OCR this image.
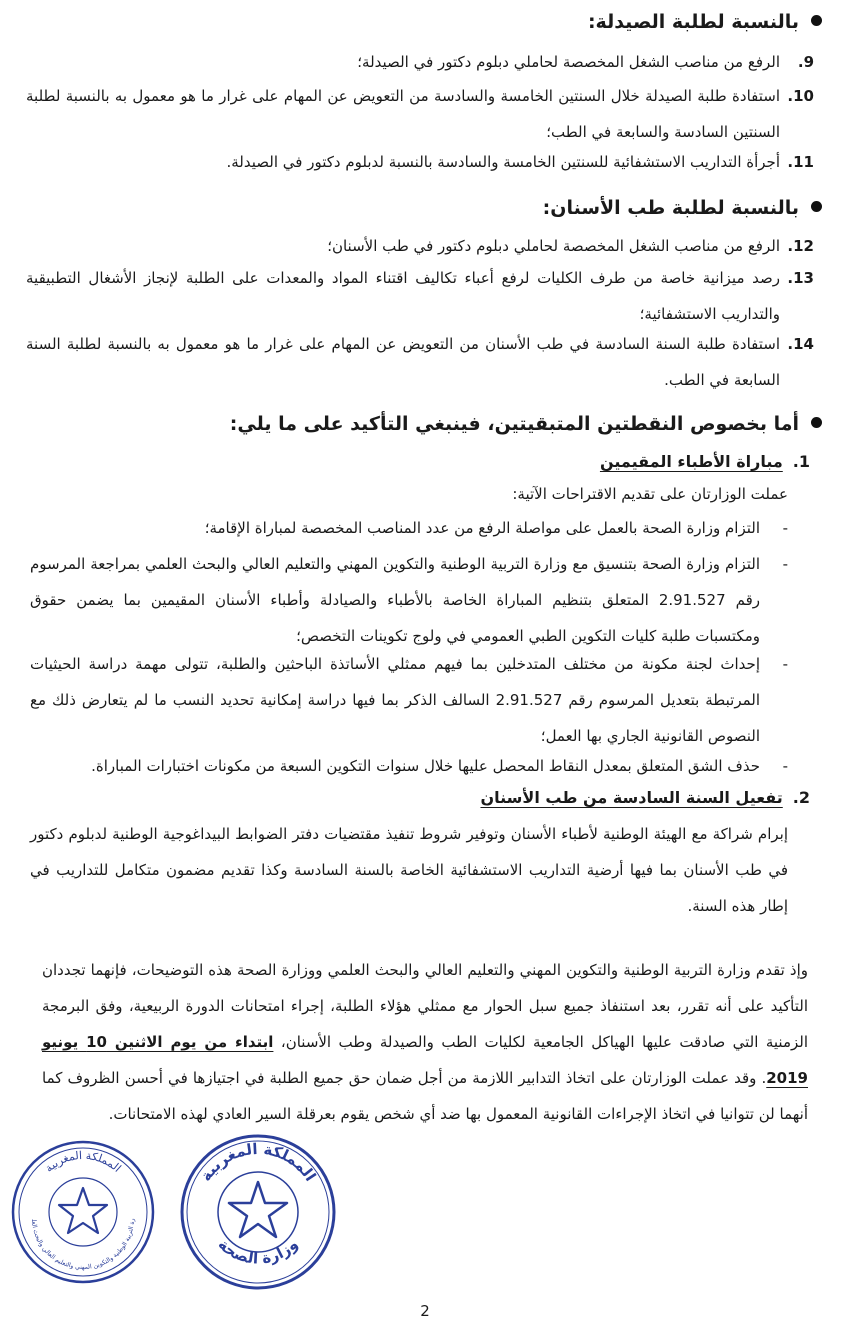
بالنسبة لطلبة الصيدلة:
9.
الرفع من مناصب الشغل المخصصة لحاملي دبلوم دكتور في الصيدلة؛
10.
استفادة طلبة الصيدلة خلال السنتين الخامسة والسادسة من التعويض عن المهام على غرار ما هو معمول به بالنسبة لطلبة السنتين السادسة والسابعة في الطب؛
11.
أجرأة التداريب الاستشفائية للسنتين الخامسة والسادسة بالنسبة لدبلوم دكتور في الصيدلة.
بالنسبة لطلبة طب الأسنان:
12.
الرفع من مناصب الشغل المخصصة لحاملي دبلوم دكتور في طب الأسنان؛
13.
رصد ميزانية خاصة من طرف الكليات لرفع أعباء تكاليف اقتناء المواد والمعدات على الطلبة لإنجاز الأشغال التطبيقية والتداريب الاستشفائية؛
14.
استفادة طلبة السنة السادسة في طب الأسنان من التعويض عن المهام على غرار ما هو معمول به بالنسبة لطلبة السنة السابعة في الطب.
أما بخصوص النقطتين المتبقيتين، فينبغي التأكيد على ما يلي:
1.مباراة الأطباء المقيمين
عملت الوزارتان على تقديم الاقتراحات الآتية:
-
التزام وزارة الصحة بالعمل على مواصلة الرفع من عدد المناصب المخصصة لمباراة الإقامة؛
-
التزام وزارة الصحة بتنسيق مع وزارة التربية الوطنية والتكوين المهني والتعليم العالي والبحث العلمي بمراجعة المرسوم رقم 2.91.527 المتعلق بتنظيم المباراة الخاصة بالأطباء والصيادلة وأطباء الأسنان المقيمين بما يضمن حقوق ومكتسبات طلبة كليات التكوين الطبي العمومي في ولوج تكوينات التخصص؛
-
إحداث لجنة مكونة من مختلف المتدخلين بما فيهم ممثلي الأساتذة الباحثين والطلبة، تتولى مهمة دراسة الحيثيات المرتبطة بتعديل المرسوم رقم 2.91.527 السالف الذكر بما فيها دراسة إمكانية تحديد النسب ما لم يتعارض ذلك مع النصوص القانونية الجاري بها العمل؛
-
حذف الشق المتعلق بمعدل النقاط المحصل عليها خلال سنوات التكوين السبعة من مكونات اختبارات المباراة.
2.تفعيل السنة السادسة من طب الأسنان
إبرام شراكة مع الهيئة الوطنية لأطباء الأسنان وتوفير شروط تنفيذ مقتضيات دفتر الضوابط البيداغوجية الوطنية لدبلوم دكتور في طب الأسنان بما فيها أرضية التداريب الاستشفائية الخاصة بالسنة السادسة وكذا تقديم مضمون متكامل للتداريب في إطار هذه السنة.
وإذ تقدم وزارة التربية الوطنية والتكوين المهني والتعليم العالي والبحث العلمي ووزارة الصحة هذه التوضيحات، فإنهما تجددان التأكيد على أنه تقرر، بعد استنفاذ جميع سبل الحوار مع ممثلي هؤلاء الطلبة، إجراء امتحانات الدورة الربيعية، وفق البرمجة الزمنية التي صادقت عليها الهياكل الجامعية لكليات الطب والصيدلة وطب الأسنان، ابتداء من يوم الاثنين 10 يونيو 2019. وقد عملت الوزارتان على اتخاذ التدابير اللازمة من أجل ضمان حق جميع الطلبة في اجتيازها في أحسن الظروف كما أنهما لن تتوانيا في اتخاذ الإجراءات القانونية المعمول بها ضد أي شخص يقوم بعرقلة السير العادي لهذه الامتحانات.
المملكة المغربية
وزارة الصحة
المملكة المغربية
رة التربية الوطنية والتكوين المهني والتعليم العالي والبحث العل
2
